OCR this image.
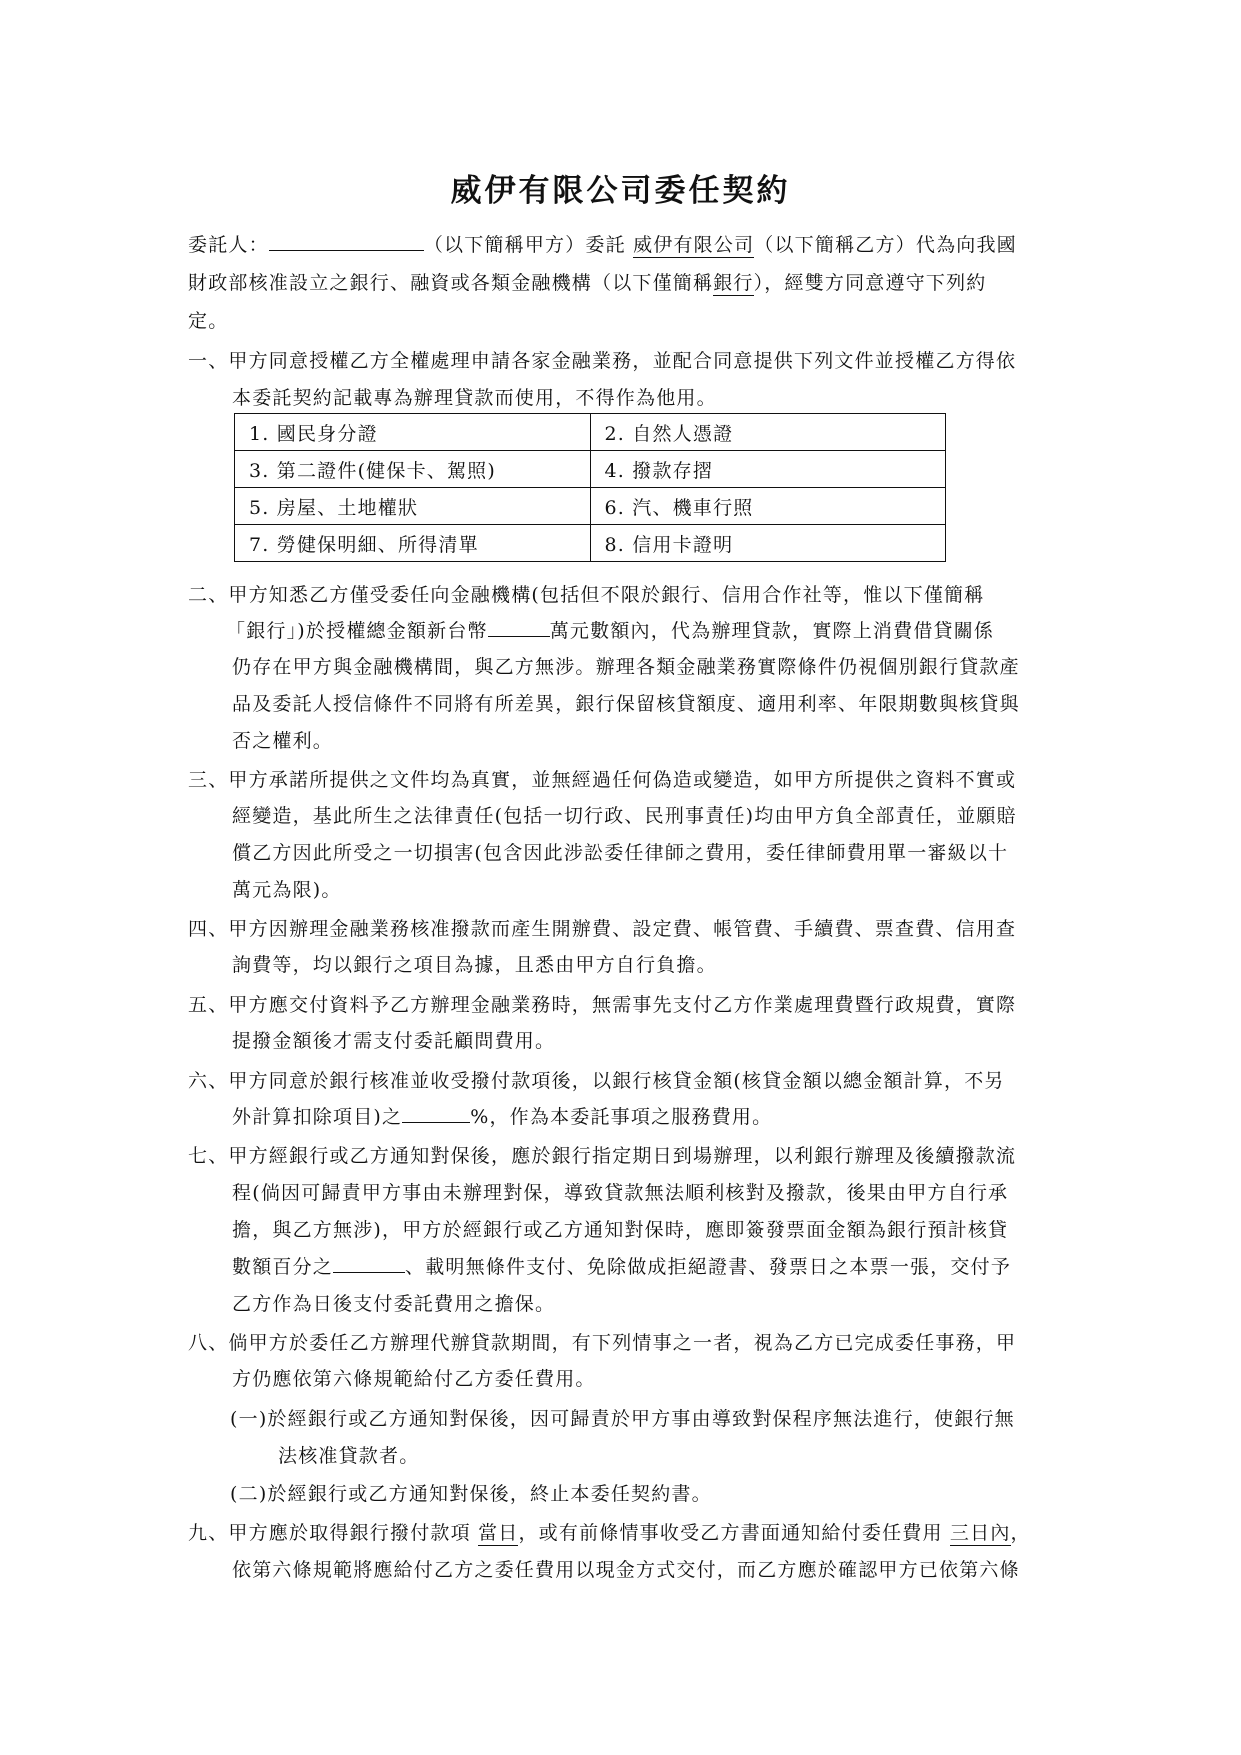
威伊有限公司委任契約
委託人：	（以下簡稱甲方）委託 威伊有限公司（以下簡稱乙方）代為向我國
財政部核准設立之銀行、融資或各類金融機構（以下僅簡稱銀行），經雙方同意遵守下列約
定。
一、甲方同意授權乙方全權處理申請各家金融業務，並配合同意提供下列文件並授權乙方得依
本委託契約記載專為辦理貸款而使用，不得作為他用。
1. 國民身分證	2. 自然人憑證
3. 第二證件(健保卡、駕照)	4. 撥款存摺
5. 房屋、土地權狀	6. 汽、機車行照
7. 勞健保明細、所得清單	8. 信用卡證明
二、甲方知悉乙方僅受委任向金融機構(包括但不限於銀行、信用合作社等，惟以下僅簡稱
「銀行」)於授權總金額新台幣	萬元數額內，代為辦理貸款，實際上消費借貸關係
仍存在甲方與金融機構間，與乙方無涉。辦理各類金融業務實際條件仍視個別銀行貸款產
品及委託人授信條件不同將有所差異，銀行保留核貸額度、適用利率、年限期數與核貸與
否之權利。
三、甲方承諾所提供之文件均為真實，並無經過任何偽造或變造，如甲方所提供之資料不實或
經變造，基此所生之法律責任(包括一切行政、民刑事責任)均由甲方負全部責任，並願賠
償乙方因此所受之一切損害(包含因此涉訟委任律師之費用，委任律師費用單一審級以十
萬元為限)。
四、甲方因辦理金融業務核准撥款而產生開辦費、設定費、帳管費、手續費、票查費、信用查
詢費等，均以銀行之項目為據，且悉由甲方自行負擔。
五、甲方應交付資料予乙方辦理金融業務時，無需事先支付乙方作業處理費暨行政規費，實際
提撥金額後才需支付委託顧問費用。
六、甲方同意於銀行核准並收受撥付款項後，以銀行核貸金額(核貸金額以總金額計算，不另
外計算扣除項目)之	%，作為本委託事項之服務費用。
七、甲方經銀行或乙方通知對保後，應於銀行指定期日到場辦理，以利銀行辦理及後續撥款流
程(倘因可歸責甲方事由未辦理對保，導致貸款無法順利核對及撥款，後果由甲方自行承
擔，與乙方無涉)，甲方於經銀行或乙方通知對保時，應即簽發票面金額為銀行預計核貸
數額百分之	、載明無條件支付、免除做成拒絕證書、發票日之本票一張，交付予
乙方作為日後支付委託費用之擔保。
八、倘甲方於委任乙方辦理代辦貸款期間，有下列情事之一者，視為乙方已完成委任事務，甲
方仍應依第六條規範給付乙方委任費用。
(一)於經銀行或乙方通知對保後，因可歸責於甲方事由導致對保程序無法進行，使銀行無
法核准貸款者。
(二)於經銀行或乙方通知對保後，終止本委任契約書。
九、甲方應於取得銀行撥付款項 當日，或有前條情事收受乙方書面通知給付委任費用 三日內，
依第六條規範將應給付乙方之委任費用以現金方式交付，而乙方應於確認甲方已依第六條
